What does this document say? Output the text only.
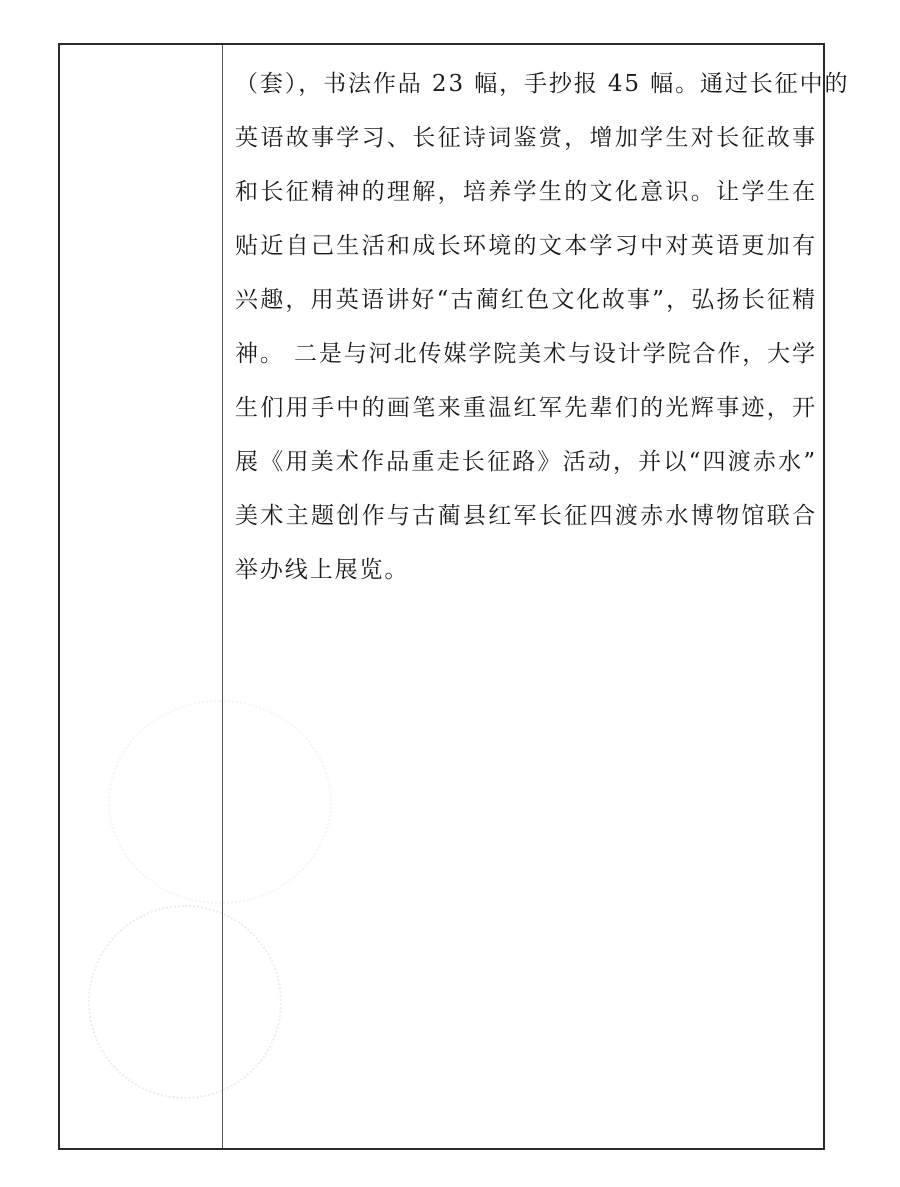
（套），书法作品 23 幅，手抄报 45 幅。通过长征中的
英语故事学习、长征诗词鉴赏，增加学生对长征故事
和长征精神的理解，培养学生的文化意识。让学生在
贴近自己生活和成长环境的文本学习中对英语更加有
兴趣，用英语讲好“古蔺红色文化故事”，弘扬长征精
神。 二是与河北传媒学院美术与设计学院合作，大学
生们用手中的画笔来重温红军先辈们的光辉事迹，开
展《用美术作品重走长征路》活动，并以“四渡赤水”
美术主题创作与古蔺县红军长征四渡赤水博物馆联合
举办线上展览。
